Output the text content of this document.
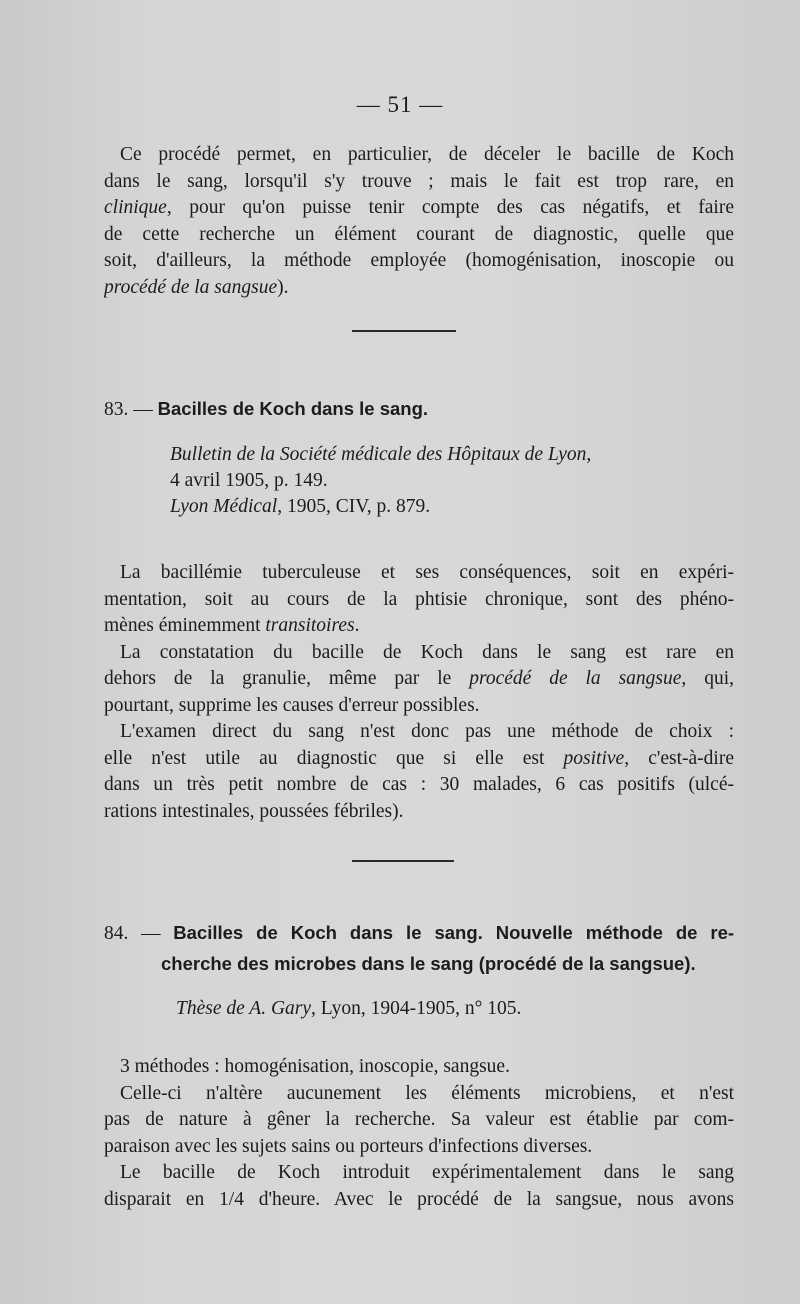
— 51 —
Ce procédé permet, en particulier, de déceler le bacille de Koch
dans le sang, lorsqu'il s'y trouve ; mais le fait est trop rare, en
clinique, pour qu'on puisse tenir compte des cas négatifs, et faire
de cette recherche un élément courant de diagnostic, quelle que
soit, d'ailleurs, la méthode employée (homogénisation, inoscopie ou
procédé de la sangsue).
83. — Bacilles de Koch dans le sang.
Bulletin de la Société médicale des Hôpitaux de Lyon,
4 avril 1905, p. 149.
Lyon Médical, 1905, CIV, p. 879.
La bacillémie tuberculeuse et ses conséquences, soit en expéri-
mentation, soit au cours de la phtisie chronique, sont des phéno-
mènes éminemment transitoires.
La constatation du bacille de Koch dans le sang est rare en
dehors de la granulie, même par le procédé de la sangsue, qui,
pourtant, supprime les causes d'erreur possibles.
L'examen direct du sang n'est donc pas une méthode de choix :
elle n'est utile au diagnostic que si elle est positive, c'est-à-dire
dans un très petit nombre de cas : 30 malades, 6 cas positifs (ulcé-
rations intestinales, poussées fébriles).
84. — Bacilles de Koch dans le sang. Nouvelle méthode de re-
cherche des microbes dans le sang (procédé de la sangsue).
Thèse de A. Gary, Lyon, 1904-1905, n° 105.
3 méthodes : homogénisation, inoscopie, sangsue.
Celle-ci n'altère aucunement les éléments microbiens, et n'est
pas de nature à gêner la recherche. Sa valeur est établie par com-
paraison avec les sujets sains ou porteurs d'infections diverses.
Le bacille de Koch introduit expérimentalement dans le sang
disparait en 1/4 d'heure. Avec le procédé de la sangsue, nous avons
